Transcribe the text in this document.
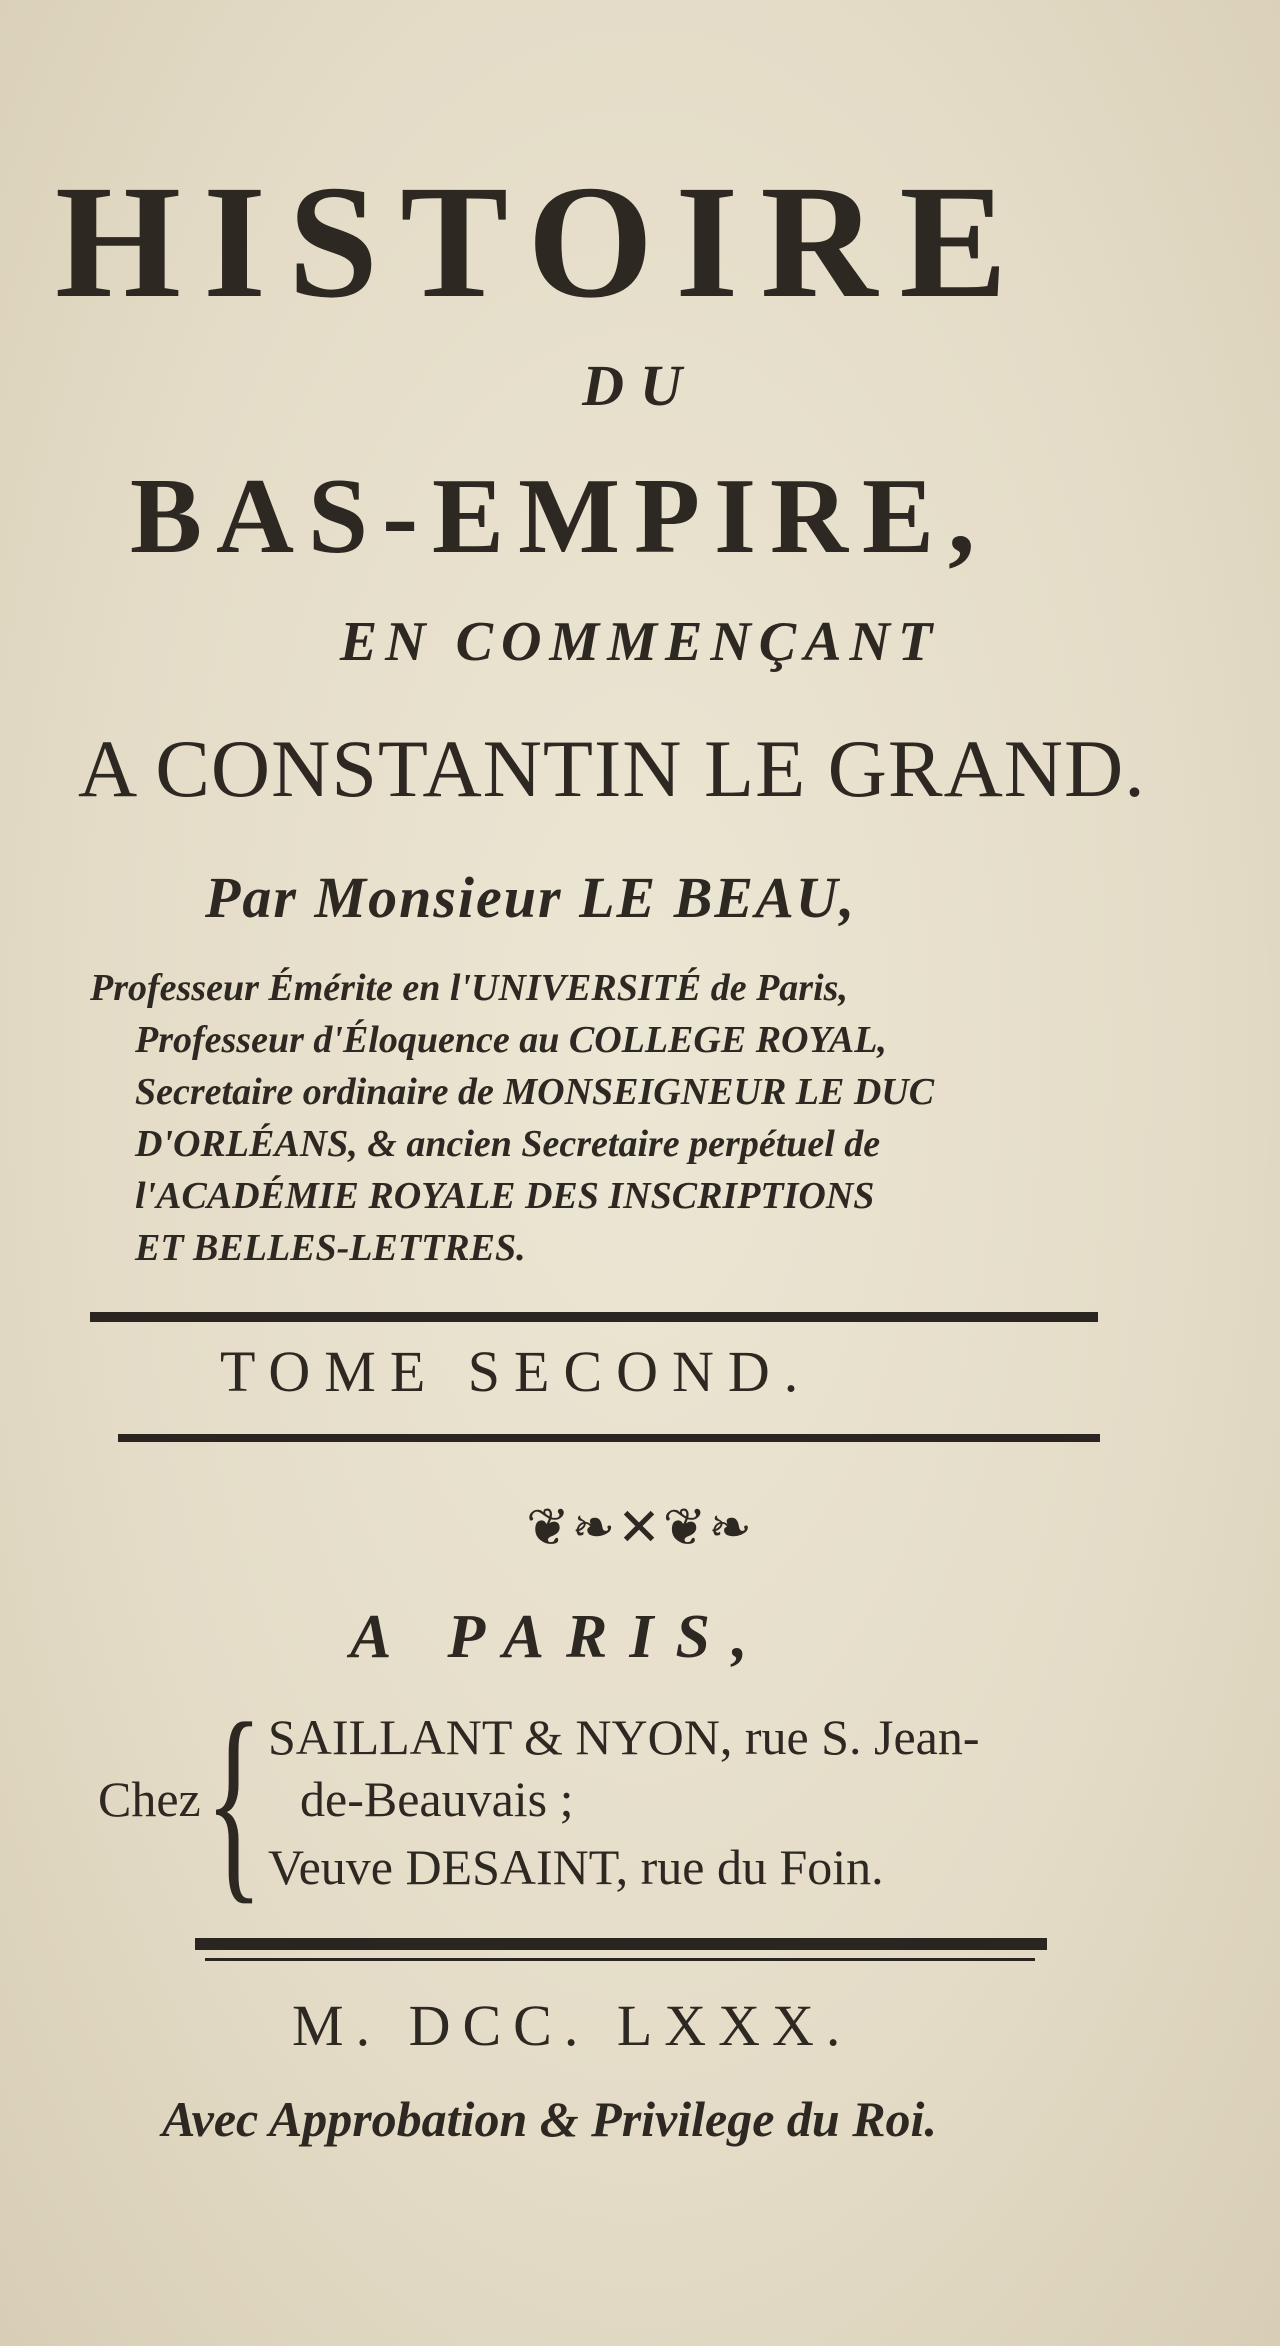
HISTOIRE
DU
BAS-EMPIRE,
EN COMMENÇANT
A CONSTANTIN LE GRAND.
Par Monsieur LE BEAU,
Professeur Émérite en l'UNIVERSITÉ de Paris,
Professeur d'Éloquence au COLLEGE ROYAL,
Secretaire ordinaire de MONSEIGNEUR LE DUC
D'ORLÉANS, & ancien Secretaire perpétuel de
l'ACADÉMIE ROYALE DES INSCRIPTIONS
ET BELLES-LETTRES.
TOME SECOND.
❦❧✕❦❧
A PARIS,
Chez { SAILLANT & NYON, rue S. Jean-
de-Beauvais ;
Veuve DESAINT, rue du Foin.
M. DCC. LXXX.
Avec Approbation & Privilege du Roi.
